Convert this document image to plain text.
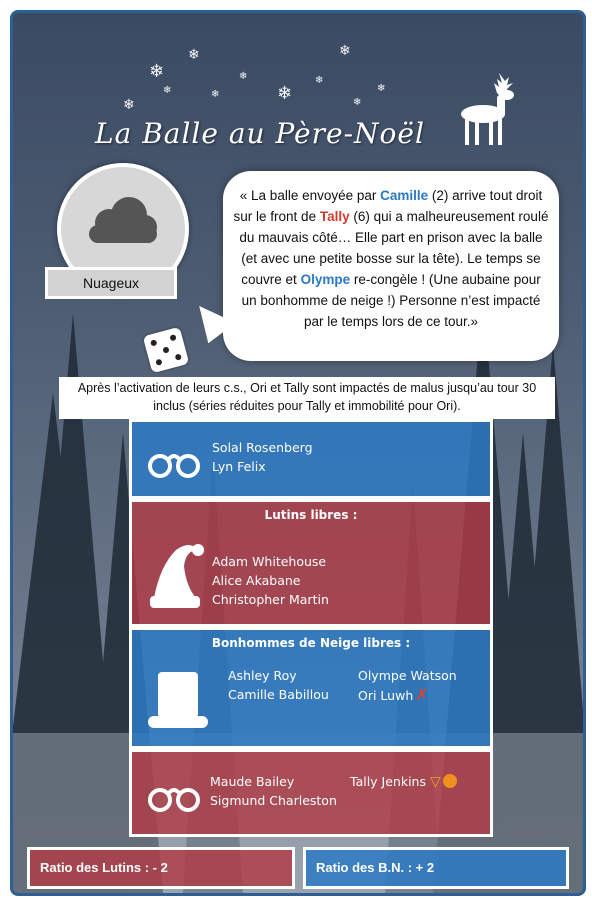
❄
❄	❄
❄
❄
❄	❄
❄	❄
❄
❄
La Balle au Père-Noël
Nuageux
« La balle envoyée par Camille (2) arrive tout droit sur le front de Tally (6) qui a malheureusement roulé du mauvais côté… Elle part en prison avec la balle (et avec une petite bosse sur la tête). Le temps se couvre et Olympe re-congèle ! (Une aubaine pour un bonhomme de neige !) Personne n’est impacté par le temps lors de ce tour.»
Après l’activation de leurs c.s., Ori et Tally sont impactés de malus jusqu’au tour 30 inclus (séries réduites pour Tally et immobilité pour Ori).
Solal Rosenberg
Lyn Felix
Lutins libres :
Adam Whitehouse
Alice Akabane
Christopher Martin
Bonhommes de Neige libres :
Ashley Roy
Camille Babillou
Olympe Watson
Ori Luwh ✗
Maude Bailey
Sigmund Charleston
Tally Jenkins ▽
Ratio des Lutins : - 2	Ratio des B.N. : + 2
